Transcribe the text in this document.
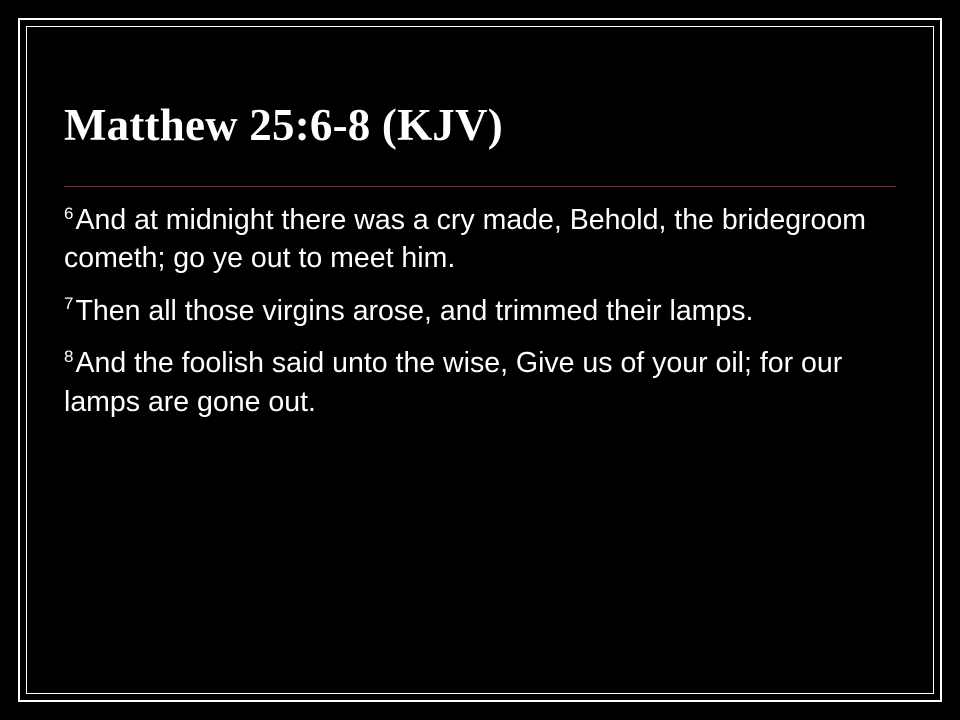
Matthew 25:6-8 (KJV)

$^6$And at midnight there was a cry made, Behold, the bridegroom cometh; go ye out to meet him.

$^7$Then all those virgins arose, and trimmed their lamps.

$^8$And the foolish said unto the wise, Give us of your oil; for our lamps are gone out.
